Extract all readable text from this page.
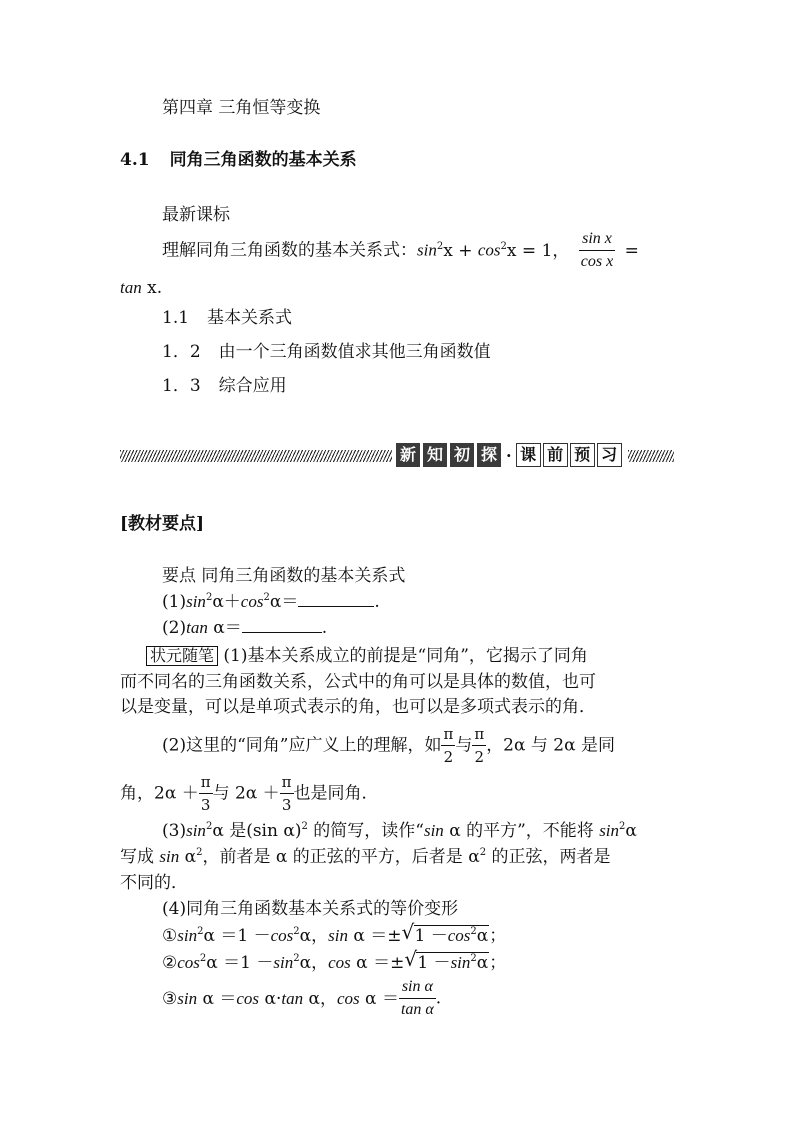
第四章 三角恒等变换
4.1 同角三角函数的基本关系
最新课标
理解同角三角函数的基本关系式：$\sin^2x + \cos^2x = 1$， $\frac{\text{sin x}}{\text{cos x}}$ =
tan x.
1.1 基本关系式
1．2 由一个三角函数值求其他三角函数值
1．3 综合应用
新 知 初 探 · 课 前 预 习
[教材要点]
要点 同角三角函数的基本关系式
$(1)\sin^2\alpha+\cos^2\alpha=$	.
(2)tan α＝	.
状元随笔 (1)基本关系成立的前提是“同角”，它揭示了同角
而不同名的三角函数关系，公式中的角可以是具体的数值，也可
以是变量，可以是单项式表示的角，也可以是多项式表示的角．
(2)这里的“同角”应广义上的理解，如 $\frac{\pi}{2}$ 与 $\frac{\pi}{2}$ ，2α 与 2α 是同
角，$2\alpha + \frac{\pi}{3}$ 与 $2\alpha + \frac{\pi}{3}$ 也是同角．
$(3)\sin^2\alpha$ 是(sin α)$^2$ 的简写，读作“sin α 的平方”，不能将 $\sin^2\alpha$
写成 $\sin \alpha^2$，前者是 α 的正弦的平方，后者是 $\alpha^2$ 的正弦，两者是
不同的．
(4)同角三角函数基本关系式的等价变形
$①\sin^2\alpha =1 -\cos^2\alpha$，sin α ＝± √ $1 -\cos^2\alpha$；
$②\cos^2\alpha =1 -\sin^2\alpha$，cos α ＝± √ $1 -\sin^2\alpha$；
③sin α ＝cos α·tan α，$\cos \alpha = \frac{\text{sin α}}{\text{tan α}}$ .
